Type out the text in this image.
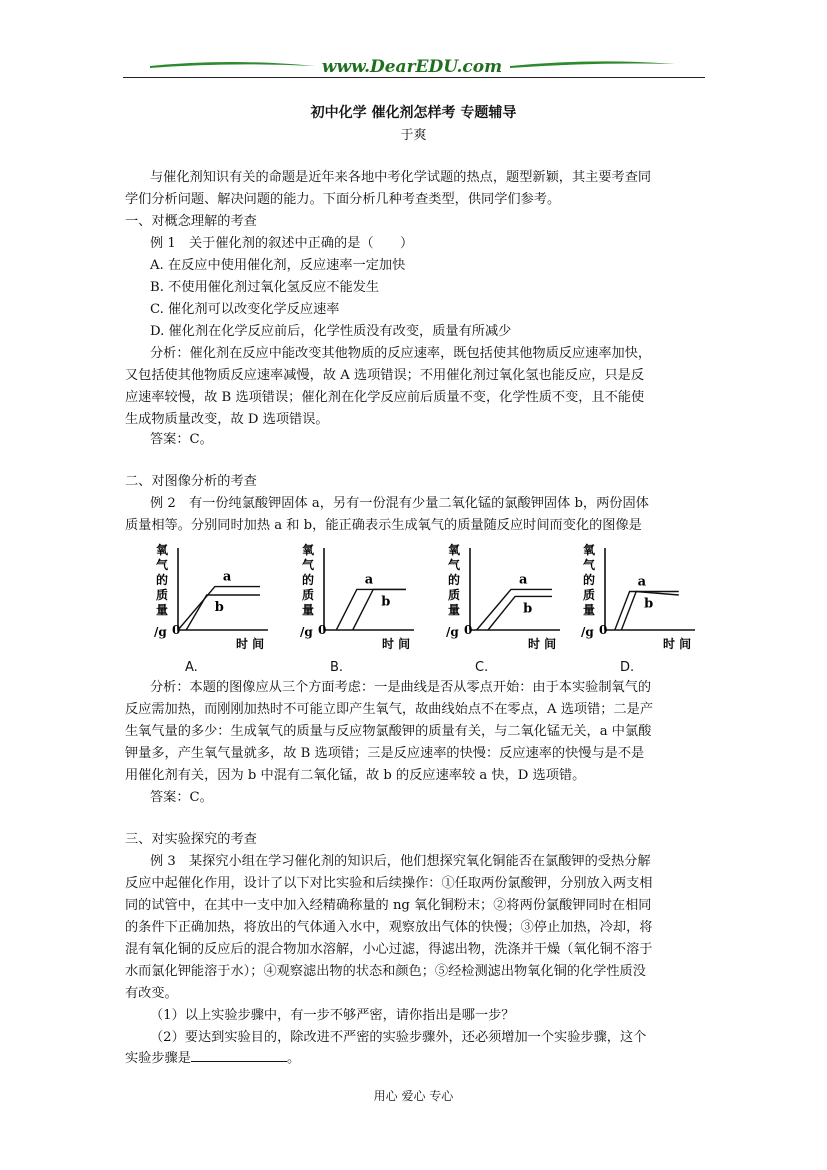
www.DearEDU.com
初中化学 催化剂怎样考 专题辅导
于爽
与催化剂知识有关的命题是近年来各地中考化学试题的热点，题型新颖，其主要考查同
学们分析问题、解决问题的能力。下面分析几种考查类型，供同学们参考。
一、对概念理解的考查
例 1　关于催化剂的叙述中正确的是（　　）
A. 在反应中使用催化剂，反应速率一定加快
B. 不使用催化剂过氧化氢反应不能发生
C. 催化剂可以改变化学反应速率
D. 催化剂在化学反应前后，化学性质没有改变，质量有所减少
分析：催化剂在反应中能改变其他物质的反应速率，既包括使其他物质反应速率加快，
又包括使其他物质反应速率减慢，故 A 选项错误；不用催化剂过氧化氢也能反应，只是反
应速率较慢，故 B 选项错误；催化剂在化学反应前后质量不变，化学性质不变，且不能使
生成物质量改变，故 D 选项错误。
答案：C。
二、对图像分析的考查
例 2　有一份纯氯酸钾固体 a，另有一份混有少量二氧化锰的氯酸钾固体 b，两份固体
质量相等。分别同时加热 a 和 b，能正确表示生成氧气的质量随反应时间而变化的图像是
氧
气
的
质
量
/g 0
时 间
a
b
氧
气
的
质
量
/g 0
时 间
a
b
氧
气
的
质
量
/g 0
时 间
a
b
氧
气
的
质
量
/g 0
时 间
a
b
A.	B.	C.	D.
分析：本题的图像应从三个方面考虑：一是曲线是否从零点开始：由于本实验制氧气的
反应需加热，而刚刚加热时不可能立即产生氧气，故曲线始点不在零点，A 选项错；二是产
生氧气量的多少：生成氧气的质量与反应物氯酸钾的质量有关，与二氧化锰无关，a 中氯酸
钾量多，产生氧气量就多，故 B 选项错；三是反应速率的快慢：反应速率的快慢与是不是
用催化剂有关，因为 b 中混有二氧化锰，故 b 的反应速率较 a 快，D 选项错。
答案：C。
三、对实验探究的考查
例 3　某探究小组在学习催化剂的知识后，他们想探究氧化铜能否在氯酸钾的受热分解
反应中起催化作用，设计了以下对比实验和后续操作：①任取两份氯酸钾，分别放入两支相
同的试管中，在其中一支中加入经精确称量的 ng 氧化铜粉末；②将两份氯酸钾同时在相同
的条件下正确加热，将放出的气体通入水中，观察放出气体的快慢；③停止加热，冷却，将
混有氧化铜的反应后的混合物加水溶解，小心过滤，得滤出物，洗涤并干燥（氧化铜不溶于
水而氯化钾能溶于水）；④观察滤出物的状态和颜色；⑤经检测滤出物氧化铜的化学性质没
有改变。
（1）以上实验步骤中，有一步不够严密，请你指出是哪一步？
（2）要达到实验目的，除改进不严密的实验步骤外，还必须增加一个实验步骤，这个
实验步骤是	。
用心 爱心 专心
